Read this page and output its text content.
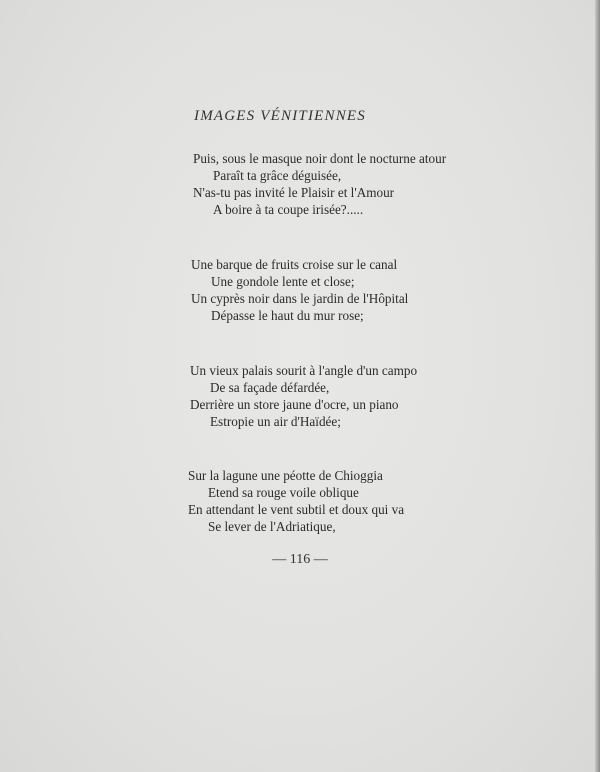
IMAGES VÉNITIENNES
Puis, sous le masque noir dont le nocturne atour
Paraît ta grâce déguisée,
N'as-tu pas invité le Plaisir et l'Amour
A boire à ta coupe irisée?.....
Une barque de fruits croise sur le canal
Une gondole lente et close;
Un cyprès noir dans le jardin de l'Hôpital
Dépasse le haut du mur rose;
Un vieux palais sourit à l'angle d'un campo
De sa façade défardée,
Derrière un store jaune d'ocre, un piano
Estropie un air d'Haïdée;
Sur la lagune une péotte de Chioggia
Etend sa rouge voile oblique
En attendant le vent subtil et doux qui va
Se lever de l'Adriatique,
— 116 —
